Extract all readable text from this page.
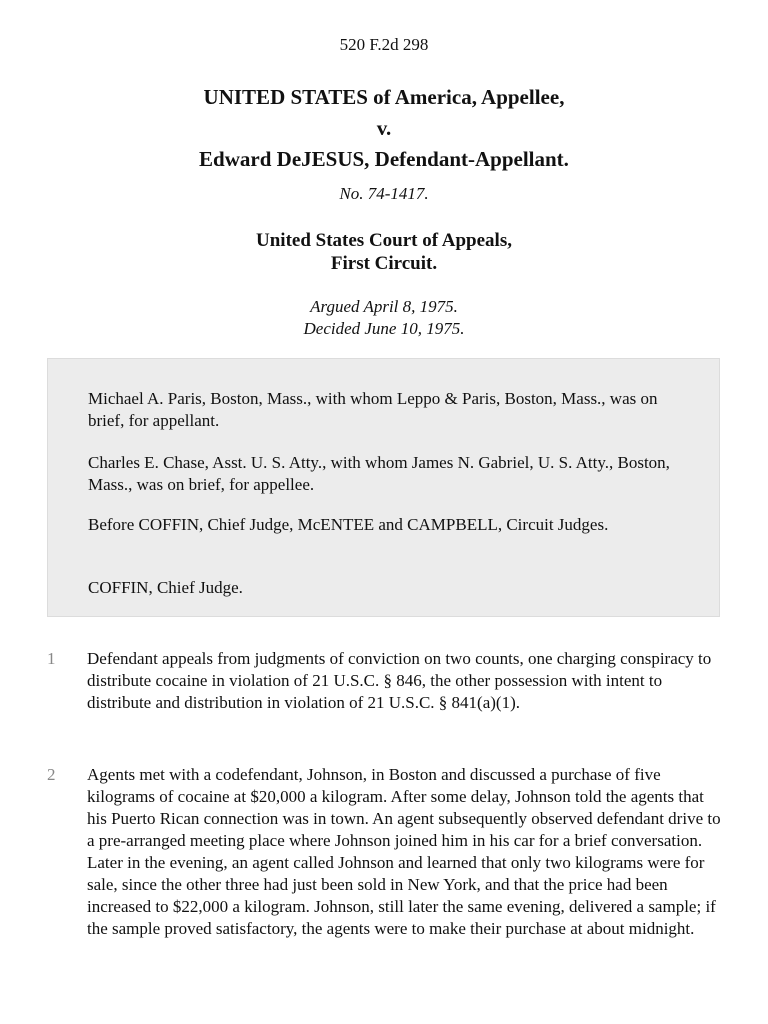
520 F.2d 298
UNITED STATES of America, Appellee,
v.
Edward DeJESUS, Defendant-Appellant.
No. 74-1417.
United States Court of Appeals,
First Circuit.
Argued April 8, 1975.
Decided June 10, 1975.
Michael A. Paris, Boston, Mass., with whom Leppo & Paris, Boston, Mass., was on brief, for appellant.
Charles E. Chase, Asst. U. S. Atty., with whom James N. Gabriel, U. S. Atty., Boston, Mass., was on brief, for appellee.
Before COFFIN, Chief Judge, McENTEE and CAMPBELL, Circuit Judges.
COFFIN, Chief Judge.
1 Defendant appeals from judgments of conviction on two counts, one charging conspiracy to distribute cocaine in violation of 21 U.S.C. § 846, the other possession with intent to distribute and distribution in violation of 21 U.S.C. § 841(a)(1).
2 Agents met with a codefendant, Johnson, in Boston and discussed a purchase of five kilograms of cocaine at $20,000 a kilogram. After some delay, Johnson told the agents that his Puerto Rican connection was in town. An agent subsequently observed defendant drive to a pre-arranged meeting place where Johnson joined him in his car for a brief conversation. Later in the evening, an agent called Johnson and learned that only two kilograms were for sale, since the other three had just been sold in New York, and that the price had been increased to $22,000 a kilogram. Johnson, still later the same evening, delivered a sample; if the sample proved satisfactory, the agents were to make their purchase at about midnight.
